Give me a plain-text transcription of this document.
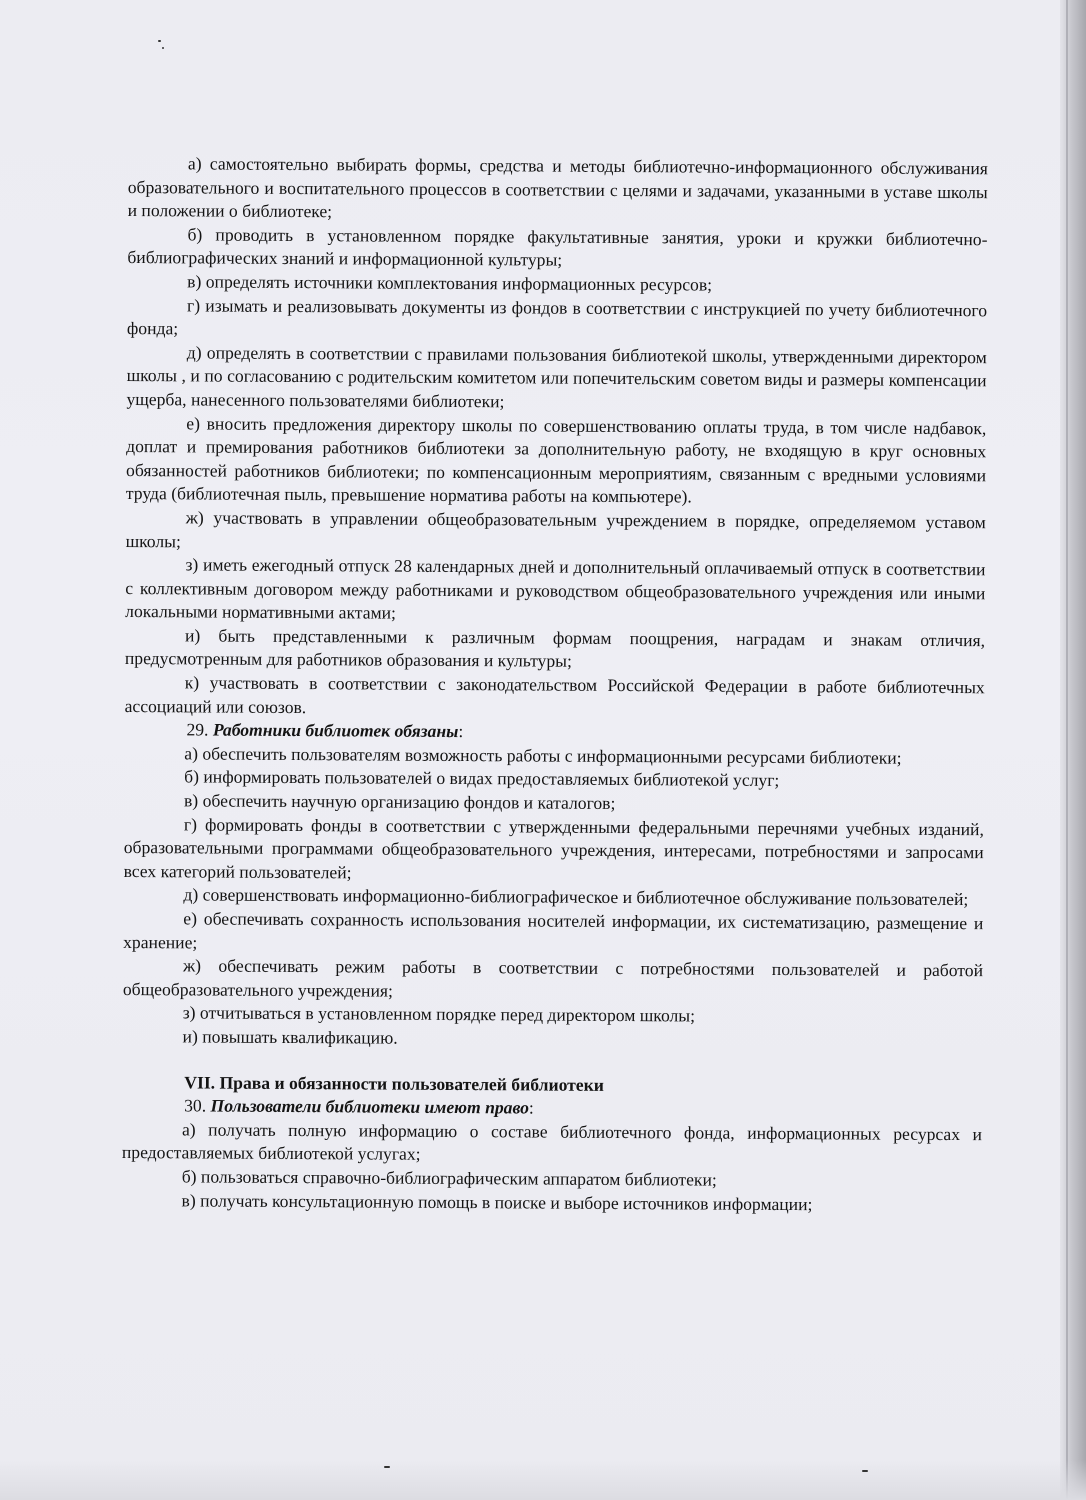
а) самостоятельно выбирать формы, средства и методы библиотечно-информационного обслуживания образовательного и воспитательного процессов в соответствии с целями и задачами, указанными в уставе школы и положении о библиотеке;

б) проводить в установленном порядке факультативные занятия, уроки и кружки библиотечно-библиографических знаний и информационной культуры;

в) определять источники комплектования информационных ресурсов;

г) изымать и реализовывать документы из фондов в соответствии с инструкцией по учету библиотечного фонда;

д) определять в соответствии с правилами пользования библиотекой школы, утвержденными директором школы , и по согласованию с родительским комитетом или попечительским советом виды и размеры компенсации ущерба, нанесенного пользователями библиотеки;

е) вносить предложения директору школы по совершенствованию оплаты труда, в том числе надбавок, доплат и премирования работников библиотеки за дополнительную работу, не входящую в круг основных обязанностей работников библиотеки; по компенсационным мероприятиям, связанным с вредными условиями труда (библиотечная пыль, превышение норматива работы на компьютере).

ж) участвовать в управлении общеобразовательным учреждением в порядке, определяемом уставом школы;

з) иметь ежегодный отпуск 28 календарных дней и дополнительный оплачиваемый отпуск в соответствии с коллективным договором между работниками и руководством общеобразовательного учреждения или иными локальными нормативными актами;

и) быть представленными к различным формам поощрения, наградам и знакам отличия, предусмотренным для работников образования и культуры;

к) участвовать в соответствии с законодательством Российской Федерации в работе библиотечных ассоциаций или союзов.

29. Работники библиотек обязаны:

а) обеспечить пользователям возможность работы с информационными ресурсами библиотеки;

б) информировать пользователей о видах предоставляемых библиотекой услуг;

в) обеспечить научную организацию фондов и каталогов;

г) формировать фонды в соответствии с утвержденными федеральными перечнями учебных изданий, образовательными программами общеобразовательного учреждения, интересами, потребностями и запросами всех категорий пользователей;

д) совершенствовать информационно-библиографическое и библиотечное обслуживание пользователей;

е) обеспечивать сохранность использования носителей информации, их систематизацию, размещение и хранение;

ж) обеспечивать режим работы в соответствии с потребностями пользователей и работой общеобразовательного учреждения;

з) отчитываться в установленном порядке перед директором школы;

и) повышать квалификацию.

VII. Права и обязанности пользователей библиотеки

30. Пользователи библиотеки имеют право:

а) получать полную информацию о составе библиотечного фонда, информационных ресурсах и предоставляемых библиотекой услугах;

б) пользоваться справочно-библиографическим аппаратом библиотеки;

в) получать консультационную помощь в поиске и выборе источников информации;
